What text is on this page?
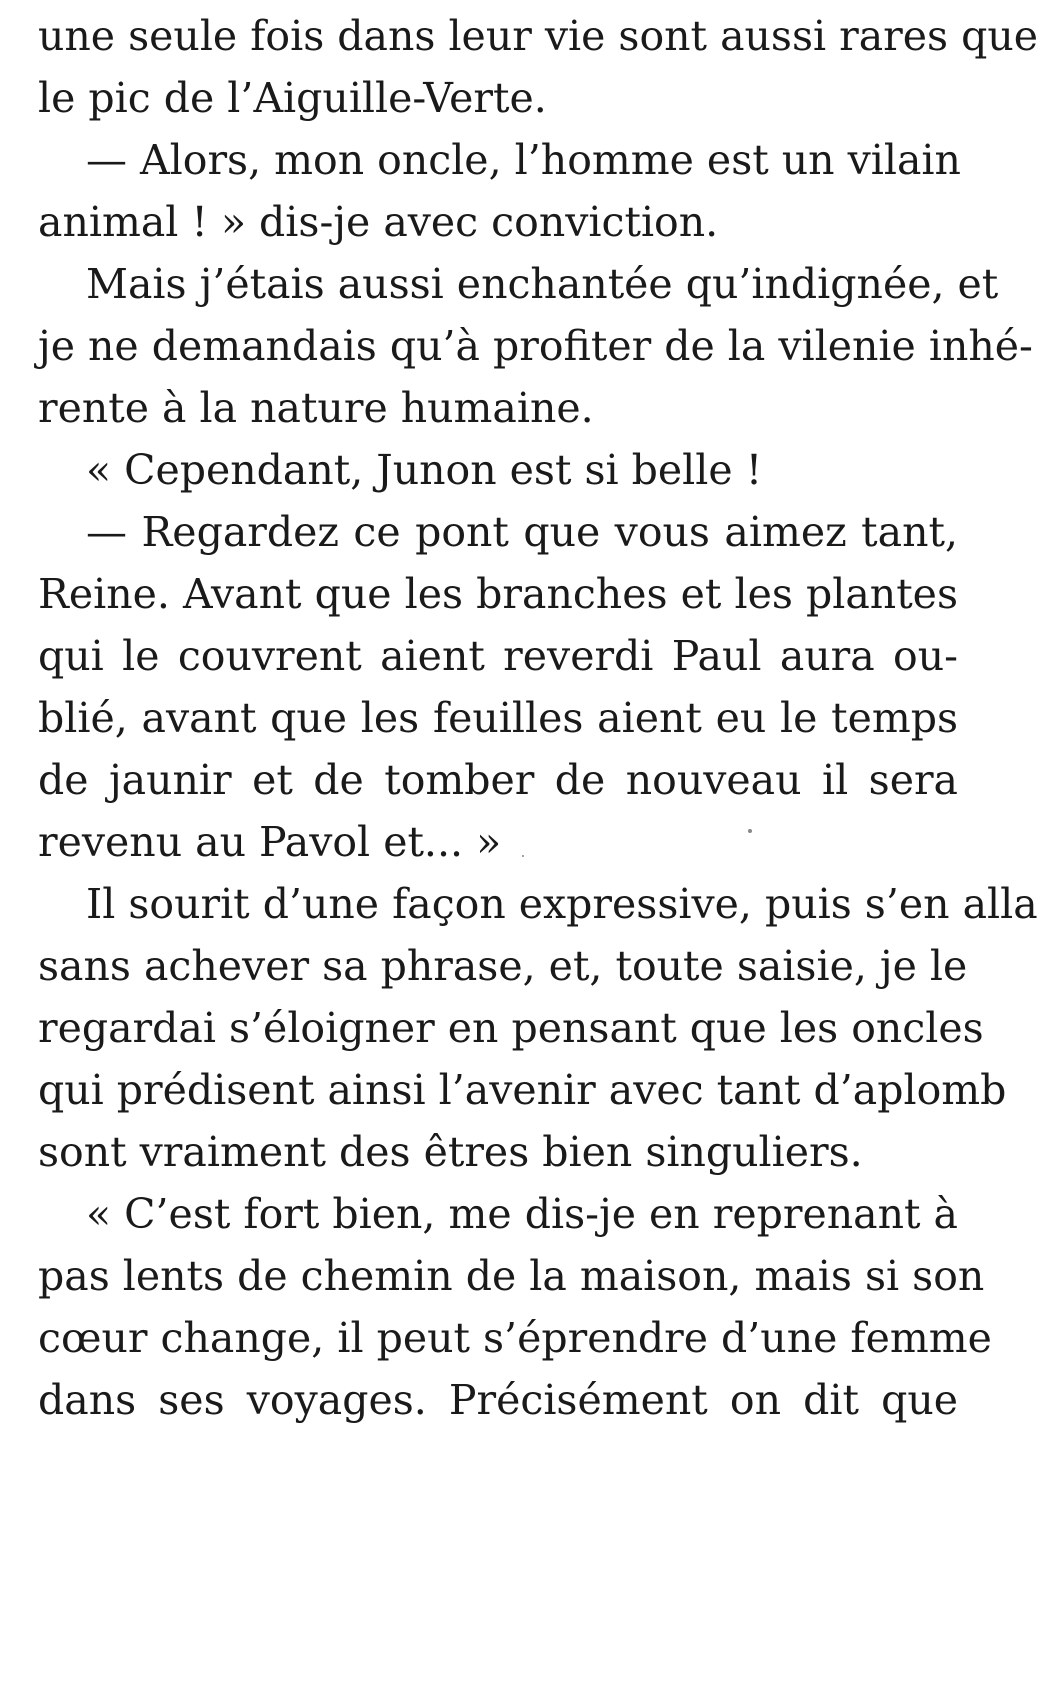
une seule fois dans leur vie sont aussi rares que
le pic de l’Aiguille-Verte.
— Alors, mon oncle, l’homme est un vilain
animal ! » dis-je avec conviction.
Mais j’étais aussi enchantée qu’indignée, et
je ne demandais qu’à profiter de la vilenie inhé-
rente à la nature humaine.
« Cependant, Junon est si belle !
— Regardez ce pont que vous aimez tant,
Reine. Avant que les branches et les plantes
qui le couvrent aient reverdi Paul aura ou-
blié, avant que les feuilles aient eu le temps
de jaunir et de tomber de nouveau il sera
revenu au Pavol et... »
Il sourit d’une façon expressive, puis s’en alla
sans achever sa phrase, et, toute saisie, je le
regardai s’éloigner en pensant que les oncles
qui prédisent ainsi l’avenir avec tant d’aplomb
sont vraiment des êtres bien singuliers.
« C’est fort bien, me dis-je en reprenant à
pas lents de chemin de la maison, mais si son
cœur change, il peut s’éprendre d’une femme
dans ses voyages. Précisément on dit que
